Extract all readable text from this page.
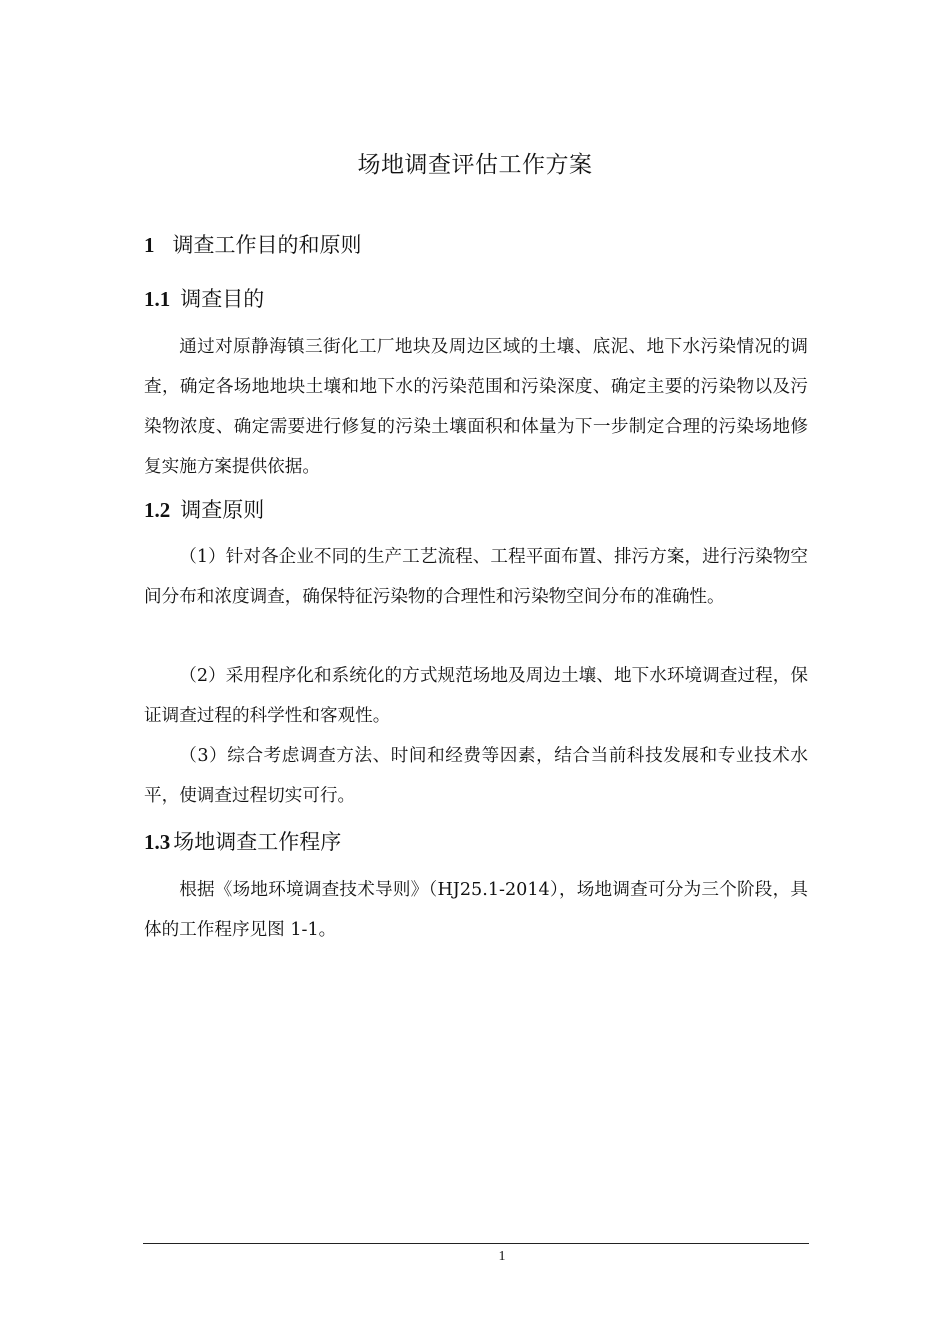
场地调查评估工作方案
1 调查工作目的和原则
1.1 调查目的

通过对原静海镇三街化工厂地块及周边区域的土壤、底泥、地下水污染情况的调查，确定各场地地块土壤和地下水的污染范围和污染深度、确定主要的污染物以及污染物浓度、确定需要进行修复的污染土壤面积和体量为下一步制定合理的污染场地修复实施方案提供依据。

1.2 调查原则

（1）针对各企业不同的生产工艺流程、工程平面布置、排污方案，进行污染物空间分布和浓度调查，确保特征污染物的合理性和污染物空间分布的准确性。

（2）采用程序化和系统化的方式规范场地及周边土壤、地下水环境调查过程，保证调查过程的科学性和客观性。

（3）综合考虑调查方法、时间和经费等因素，结合当前科技发展和专业技术水平，使调查过程切实可行。

1.3 场地调查工作程序

根据《场地环境调查技术导则》（HJ25.1-2014），场地调查可分为三个阶段，具体的工作程序见图 1-1。

1
